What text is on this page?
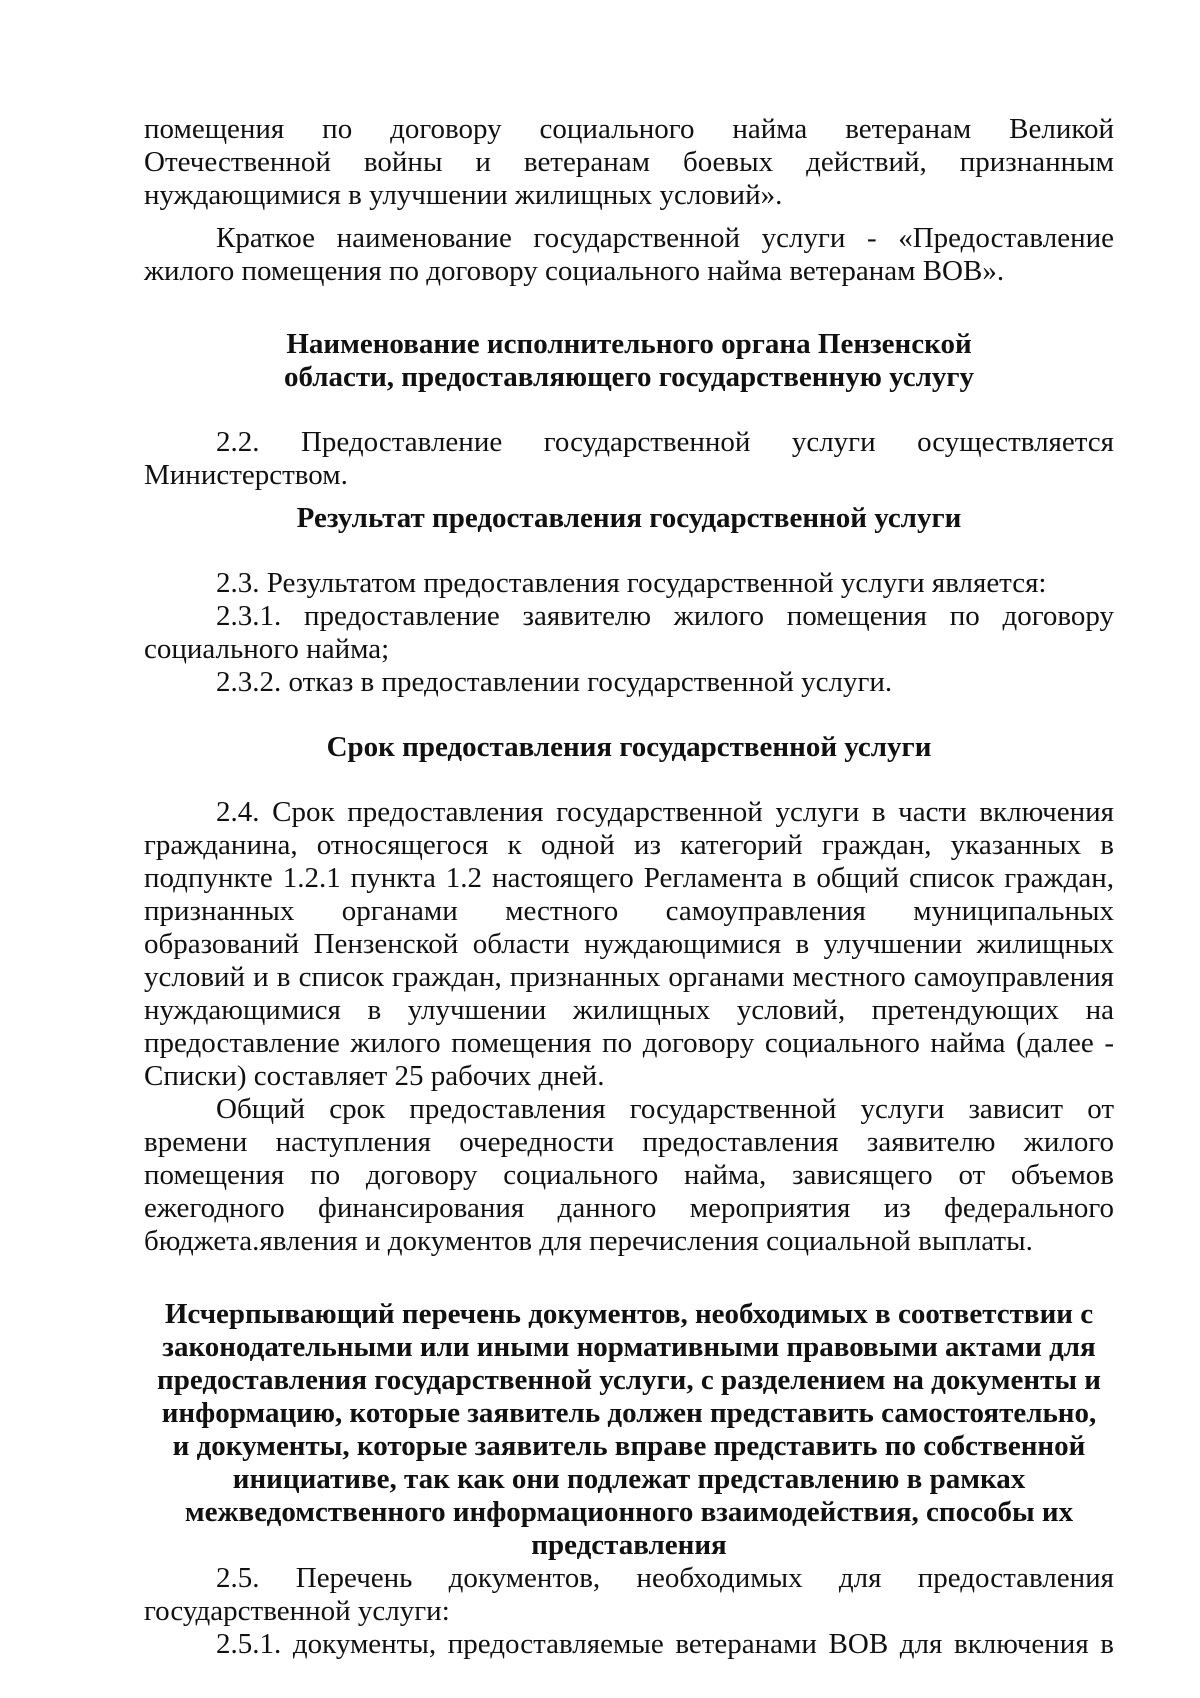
помещения по договору социального найма ветеранам Великой Отечественной войны и ветеранам боевых действий, признанным нуждающимися в улучшении жилищных условий».

Краткое наименование государственной услуги - «Предоставление жилого помещения по договору социального найма ветеранам ВОВ».

Наименование исполнительного органа Пензенской области, предоставляющего государственную услугу

2.2. Предоставление государственной услуги осуществляется Министерством.

Результат предоставления государственной услуги

2.3. Результатом предоставления государственной услуги является:

2.3.1. предоставление заявителю жилого помещения по договору социального найма;

2.3.2. отказ в предоставлении государственной услуги.

Срок предоставления государственной услуги

2.4. Срок предоставления государственной услуги в части включения гражданина, относящегося к одной из категорий граждан, указанных в подпункте 1.2.1 пункта 1.2 настоящего Регламента в общий список граждан, признанных органами местного самоуправления муниципальных образований Пензенской области нуждающимися в улучшении жилищных условий и в список граждан, признанных органами местного самоуправления нуждающимися в улучшении жилищных условий, претендующих на предоставление жилого помещения по договору социального найма (далее - Списки) составляет 25 рабочих дней.

Общий срок предоставления государственной услуги зависит от времени наступления очередности предоставления заявителю жилого помещения по договору социального найма, зависящего от объемов ежегодного финансирования данного мероприятия из федерального бюджета.явления и документов для перечисления социальной выплаты.

Исчерпывающий перечень документов, необходимых в соответствии с законодательными или иными нормативными правовыми актами для предоставления государственной услуги, с разделением на документы и информацию, которые заявитель должен представить самостоятельно, и документы, которые заявитель вправе представить по собственной инициативе, так как они подлежат представлению в рамках межведомственного информационного взаимодействия, способы их представления

2.5. Перечень документов, необходимых для предоставления государственной услуги:

2.5.1. документы, предоставляемые ветеранами ВОВ для включения в
